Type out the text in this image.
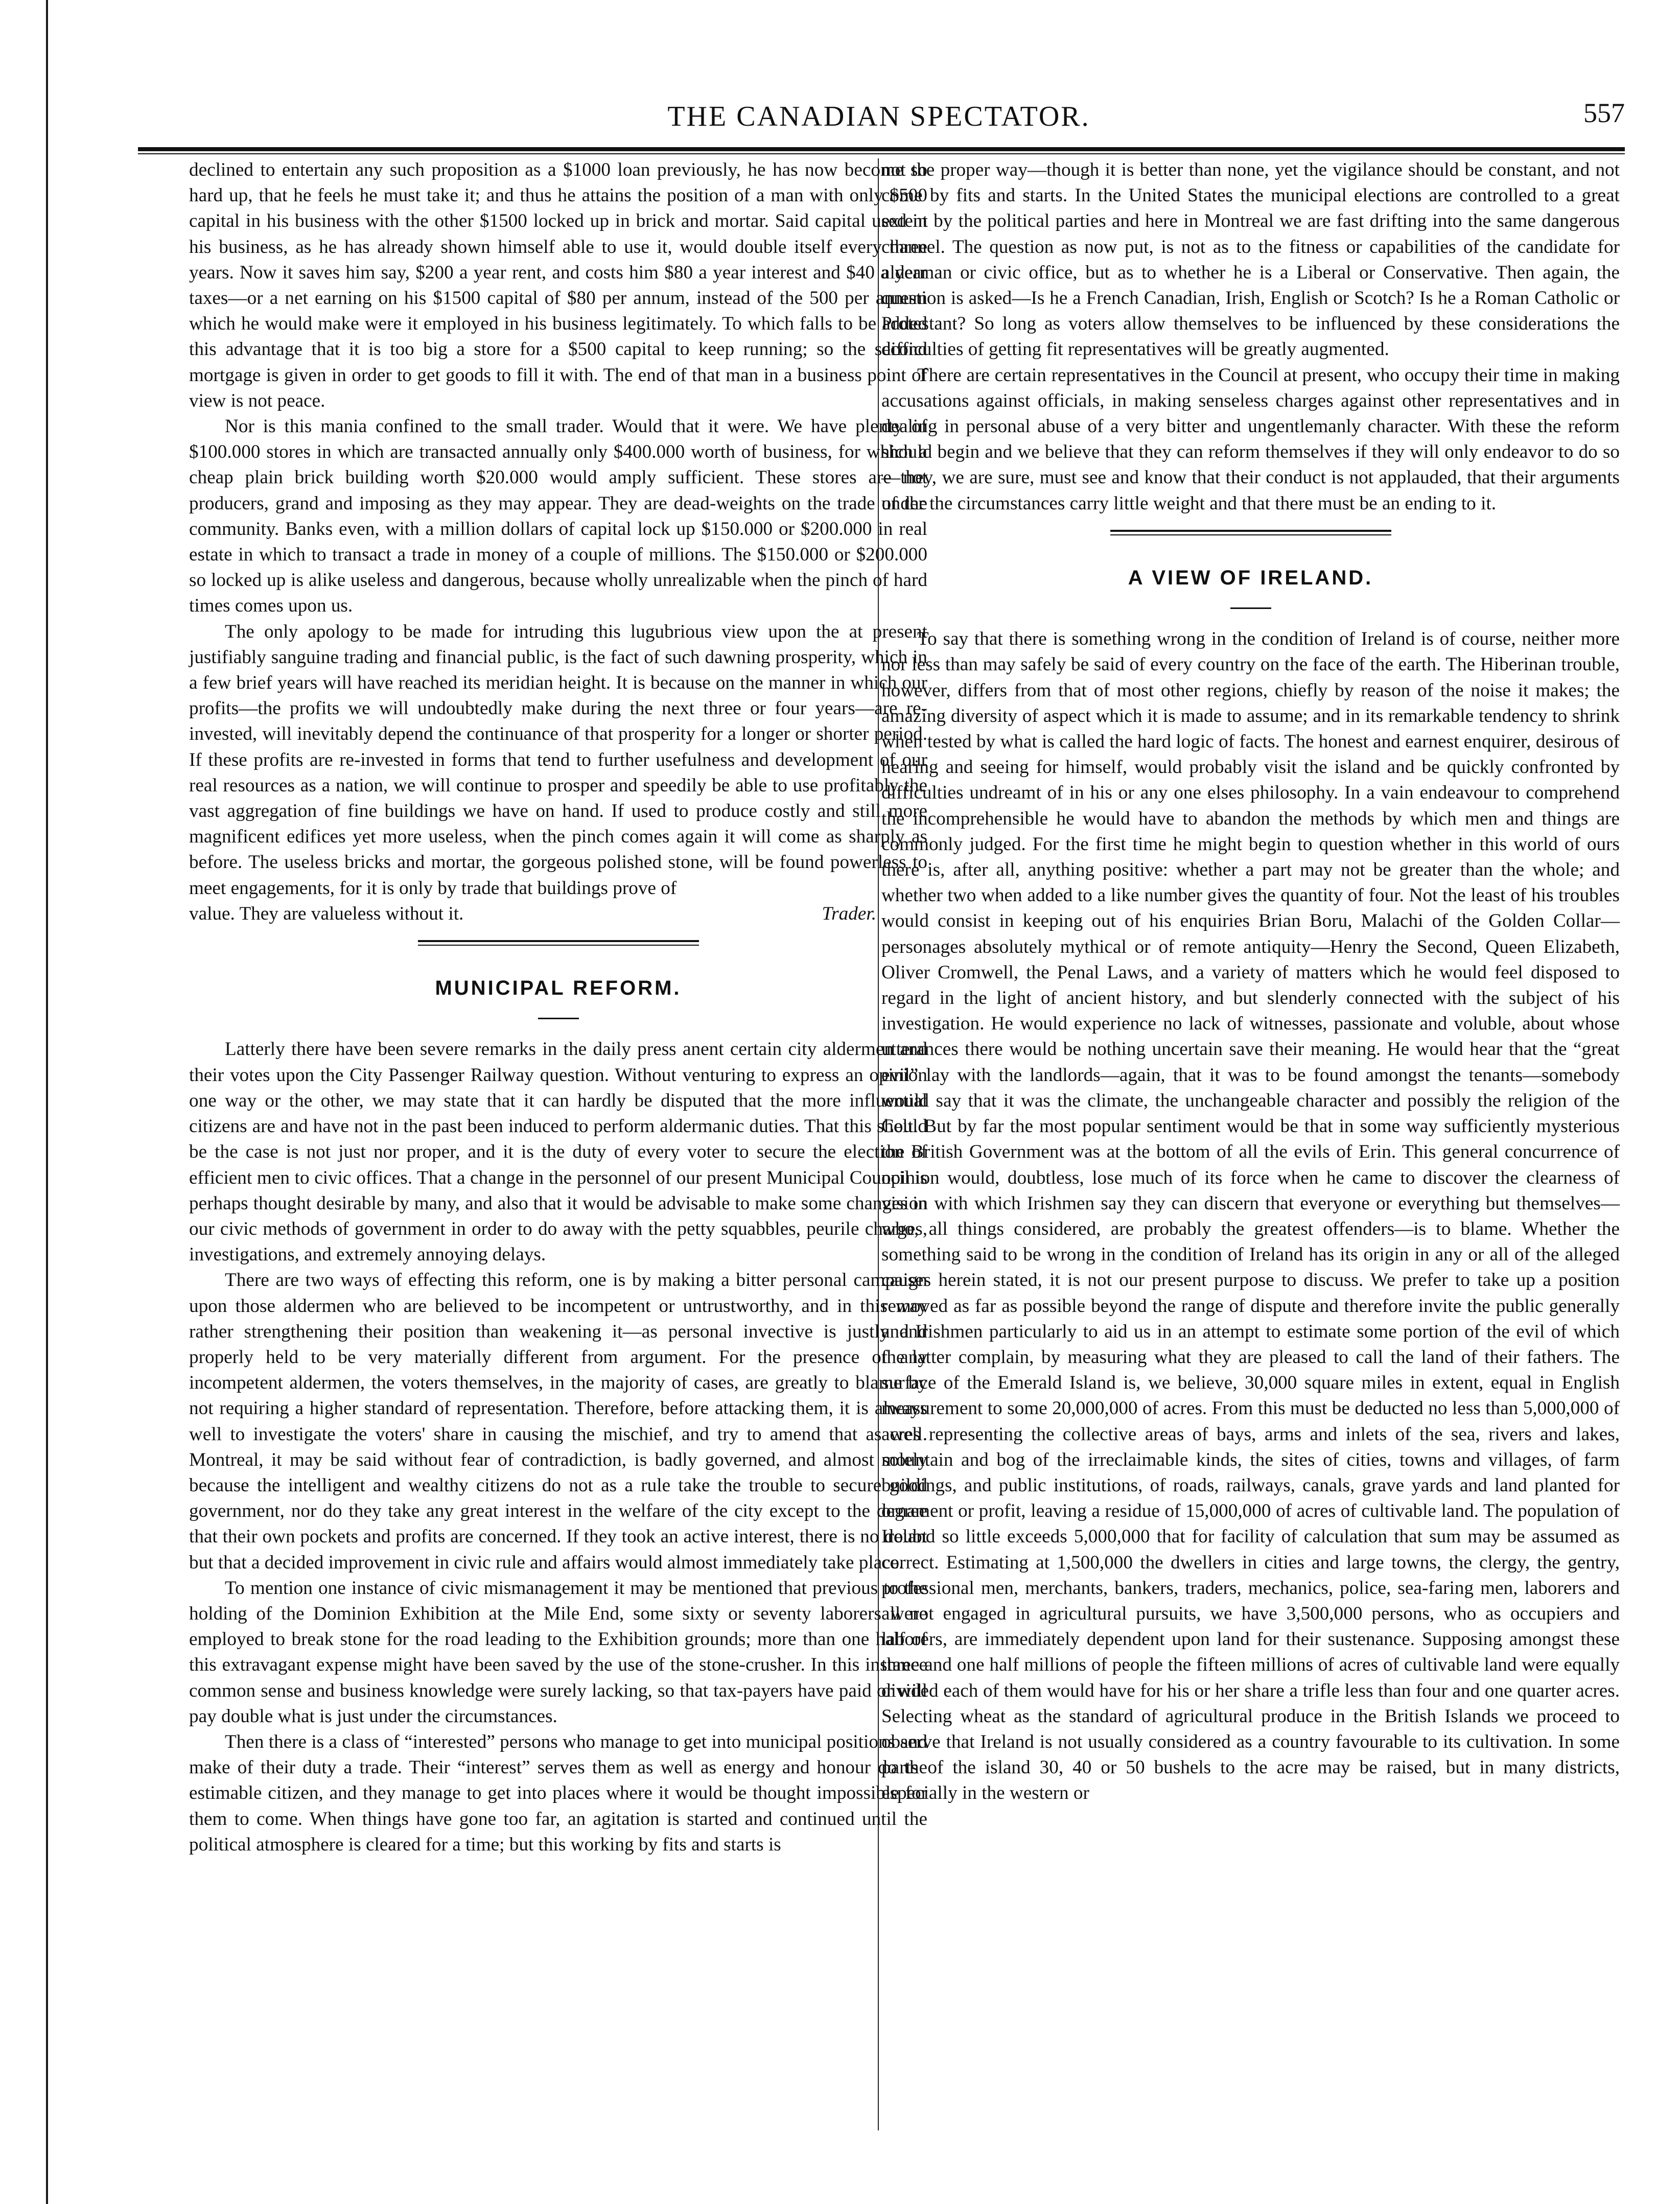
THE CANADIAN SPECTATOR.	557

declined to entertain any such proposition as a $1000 loan previously, he has now become so hard up, that he feels he must take it; and thus he attains the position of a man with only $500 capital in his business with the other $1500 locked up in brick and mortar. Said capital used in his business, as he has already shown himself able to use it, would double itself every three years. Now it saves him say, $200 a year rent, and costs him $80 a year interest and $40 a year taxes—or a net earning on his $1500 capital of $80 per annum, instead of the 500 per annum which he would make were it employed in his business legitimately. To which falls to be added this advantage that it is too big a store for a $500 capital to keep running; so the second mortgage is given in order to get goods to fill it with. The end of that man in a business point of view is not peace.

Nor is this mania confined to the small trader. Would that it were. We have plenty of $100.000 stores in which are transacted annually only $400.000 worth of business, for which a cheap plain brick building worth $20.000 would amply sufficient. These stores are not producers, grand and imposing as they may appear. They are dead-weights on the trade of the community. Banks even, with a million dollars of capital lock up $150.000 or $200.000 in real estate in which to transact a trade in money of a couple of millions. The $150.000 or $200.000 so locked up is alike useless and dangerous, because wholly unrealizable when the pinch of hard times comes upon us.

The only apology to be made for intruding this lugubrious view upon the at present justifiably sanguine trading and financial public, is the fact of such dawning prosperity, which in a few brief years will have reached its meridian height. It is because on the manner in which our profits—the profits we will undoubtedly make during the next three or four years—are re-invested, will inevitably depend the continuance of that prosperity for a longer or shorter period. If these profits are re-invested in forms that tend to further usefulness and development of our real resources as a nation, we will continue to prosper and speedily be able to use profitably the vast aggregation of fine buildings we have on hand. If used to produce costly and still more magnificent edifices yet more useless, when the pinch comes again it will come as sharply as before. The useless bricks and mortar, the gorgeous polished stone, will be found powerless to meet engagements, for it is only by trade that buildings prove of

value. They are valueless without it.	Trader.
MUNICIPAL REFORM.

Latterly there have been severe remarks in the daily press anent certain city aldermen and their votes upon the City Passenger Railway question. Without venturing to express an opinion one way or the other, we may state that it can hardly be disputed that the more influential citizens are and have not in the past been induced to perform aldermanic duties. That this should be the case is not just nor proper, and it is the duty of every voter to secure the election of efficient men to civic offices. That a change in the personnel of our present Municipal Council is perhaps thought desirable by many, and also that it would be advisable to make some changes in our civic methods of government in order to do away with the petty squabbles, peurile charges, investigations, and extremely annoying delays.

There are two ways of effecting this reform, one is by making a bitter personal campaign upon those aldermen who are believed to be incompetent or untrustworthy, and in this way rather strengthening their position than weakening it—as personal invective is justly and properly held to be very materially different from argument. For the presence of any incompetent aldermen, the voters themselves, in the majority of cases, are greatly to blame by not requiring a higher standard of representation. Therefore, before attacking them, it is always well to investigate the voters' share in causing the mischief, and try to amend that as well. Montreal, it may be said without fear of contradiction, is badly governed, and almost solely because the intelligent and wealthy citizens do not as a rule take the trouble to secure good government, nor do they take any great interest in the welfare of the city except to the degree that their own pockets and profits are concerned. If they took an active interest, there is no doubt but that a decided improvement in civic rule and affairs would almost immediately take place.

To mention one instance of civic mismanagement it may be mentioned that previous to the holding of the Dominion Exhibition at the Mile End, some sixty or seventy laborers were employed to break stone for the road leading to the Exhibition grounds; more than one half of this extravagant expense might have been saved by the use of the stone-crusher. In this instance common sense and business knowledge were surely lacking, so that tax-payers have paid or will pay double what is just under the circumstances.

Then there is a class of “interested” persons who manage to get into municipal positions and make of their duty a trade. Their “interest” serves them as well as energy and honour do the estimable citizen, and they manage to get into places where it would be thought impossible for them to come. When things have gone too far, an agitation is started and continued until the political atmosphere is cleared for a time; but this working by fits and starts is

not the proper way—though it is better than none, yet the vigilance should be constant, and not come by fits and starts. In the United States the municipal elections are controlled to a great extent by the political parties and here in Montreal we are fast drifting into the same dangerous channel. The question as now put, is not as to the fitness or capabilities of the candidate for alderman or civic office, but as to whether he is a Liberal or Conservative. Then again, the question is asked—Is he a French Canadian, Irish, English or Scotch? Is he a Roman Catholic or Protestant? So long as voters allow themselves to be influenced by these considerations the difficulties of getting fit representatives will be greatly augmented.

There are certain representatives in the Council at present, who occupy their time in making accusations against officials, in making senseless charges against other representatives and in dealing in personal abuse of a very bitter and ungentlemanly character. With these the reform should begin and we believe that they can reform themselves if they will only endeavor to do so—they, we are sure, must see and know that their conduct is not applauded, that their arguments under the circumstances carry little weight and that there must be an ending to it.

A VIEW OF IRELAND.

To say that there is something wrong in the condition of Ireland is of course, neither more nor less than may safely be said of every country on the face of the earth. The Hiberinan trouble, however, differs from that of most other regions, chiefly by reason of the noise it makes; the amazing diversity of aspect which it is made to assume; and in its remarkable tendency to shrink when tested by what is called the hard logic of facts. The honest and earnest enquirer, desirous of hearing and seeing for himself, would probably visit the island and be quickly confronted by difficulties undreamt of in his or any one elses philosophy. In a vain endeavour to comprehend the incomprehensible he would have to abandon the methods by which men and things are commonly judged. For the first time he might begin to question whether in this world of ours there is, after all, anything positive: whether a part may not be greater than the whole; and whether two when added to a like number gives the quantity of four. Not the least of his troubles would consist in keeping out of his enquiries Brian Boru, Malachi of the Golden Collar—personages absolutely mythical or of remote antiquity—Henry the Second, Queen Elizabeth, Oliver Cromwell, the Penal Laws, and a variety of matters which he would feel disposed to regard in the light of ancient history, and but slenderly connected with the subject of his investigation. He would experience no lack of witnesses, passionate and voluble, about whose utterances there would be nothing uncertain save their meaning. He would hear that the “great evil” lay with the landlords—again, that it was to be found amongst the tenants—somebody would say that it was the climate, the unchangeable character and possibly the religion of the Celt. But by far the most popular sentiment would be that in some way sufficiently mysterious the British Government was at the bottom of all the evils of Erin. This general concurrence of opinion would, doubtless, lose much of its force when he came to discover the clearness of vision with which Irishmen say they can discern that everyone or everything but themselves—who, all things considered, are probably the greatest offenders—is to blame. Whether the something said to be wrong in the condition of Ireland has its origin in any or all of the alleged causes herein stated, it is not our present purpose to discuss. We prefer to take up a position removed as far as possible beyond the range of dispute and therefore invite the public generally and Irishmen particularly to aid us in an attempt to estimate some portion of the evil of which the latter complain, by measuring what they are pleased to call the land of their fathers. The surface of the Emerald Island is, we believe, 30,000 square miles in extent, equal in English measurement to some 20,000,000 of acres. From this must be deducted no less than 5,000,000 of acres representing the collective areas of bays, arms and inlets of the sea, rivers and lakes, mountain and bog of the irreclaimable kinds, the sites of cities, towns and villages, of farm buildings, and public institutions, of roads, railways, canals, grave yards and land planted for ornament or profit, leaving a residue of 15,000,000 of acres of cultivable land. The population of Ireland so little exceeds 5,000,000 that for facility of calculation that sum may be assumed as correct. Estimating at 1,500,000 the dwellers in cities and large towns, the clergy, the gentry, professional men, merchants, bankers, traders, mechanics, police, sea-faring men, laborers and all not engaged in agricultural pursuits, we have 3,500,000 persons, who as occupiers and laborers, are immediately dependent upon land for their sustenance. Supposing amongst these three and one half millions of people the fifteen millions of acres of cultivable land were equally divided each of them would have for his or her share a trifle less than four and one quarter acres. Selecting wheat as the standard of agricultural produce in the British Islands we proceed to observe that Ireland is not usually considered as a country favourable to its cultivation. In some parts of the island 30, 40 or 50 bushels to the acre may be raised, but in many districts, especially in the western or
